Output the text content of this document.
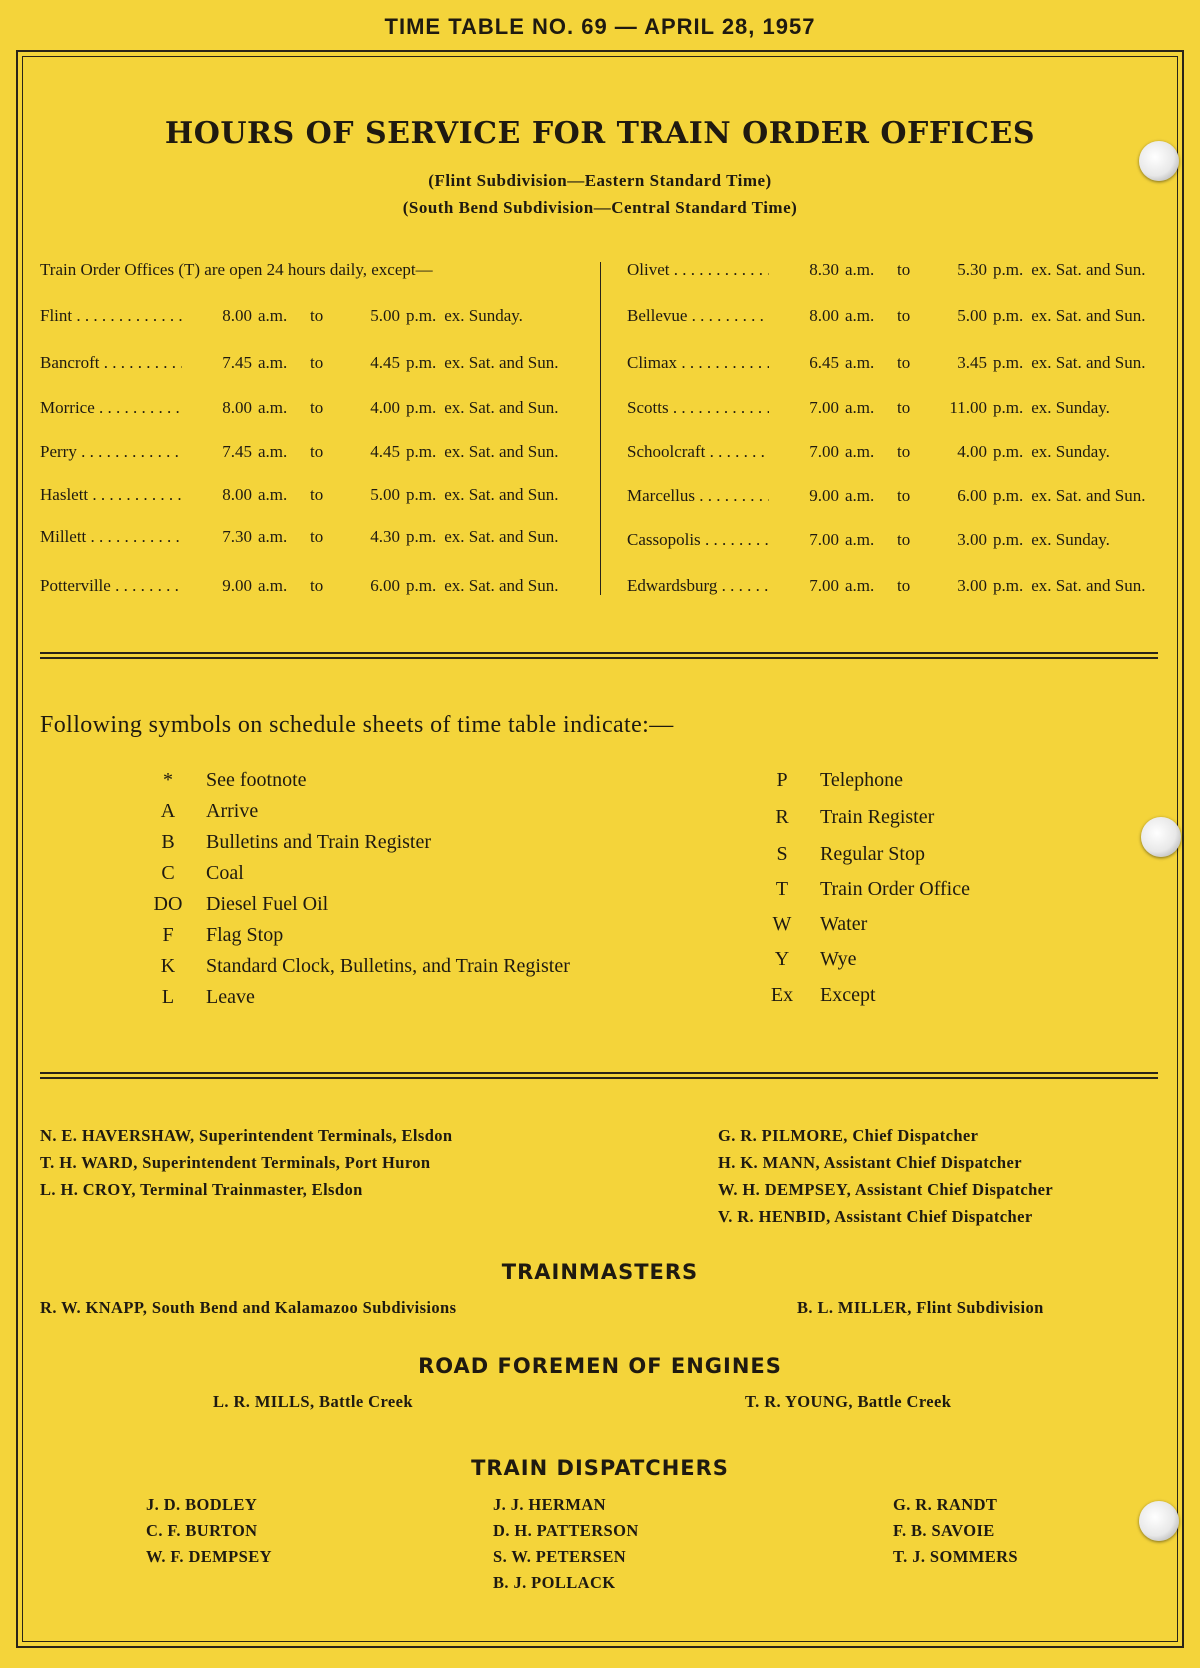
TIME TABLE NO. 69 — APRIL 28, 1957
HOURS OF SERVICE FOR TRAIN ORDER OFFICES
(Flint Subdivision—Eastern Standard Time)
(South Bend Subdivision—Central Standard Time)
Train Order Offices (T) are open 24 hours daily, except—
Flint . . .	8.00 a.m.	to	5.00 p.m. ex. Sunday.
Bancroft . . .	7.45 a.m.	to	4.45 p.m. ex. Sat. and Sun.
Morrice . . .	8.00 a.m.	to	4.00 p.m. ex. Sat. and Sun.
Perry . . .	7.45 a.m.	to	4.45 p.m. ex. Sat. and Sun.
Haslett . . .	8.00 a.m.	to	5.00 p.m. ex. Sat. and Sun.
Millett . . .	7.30 a.m.	to	4.30 p.m. ex. Sat. and Sun.
Potterville . . .	9.00 a.m.	to	6.00 p.m. ex. Sat. and Sun.
Olivet . . .	8.30 a.m.	to	5.30 p.m. ex. Sat. and Sun.
Bellevue . . .	8.00 a.m.	to	5.00 p.m. ex. Sat. and Sun.
Climax . . .	6.45 a.m.	to	3.45 p.m. ex. Sat. and Sun.
Scotts . . .	7.00 a.m.	to	11.00 p.m. ex. Sunday.
Schoolcraft . . .	7.00 a.m.	to	4.00 p.m. ex. Sunday.
Marcellus . . .	9.00 a.m.	to	6.00 p.m. ex. Sat. and Sun.
Cassopolis . . .	7.00 a.m.	to	3.00 p.m. ex. Sunday.
Edwardsburg . . .	7.00 a.m.	to	3.00 p.m. ex. Sat. and Sun.
Following symbols on schedule sheets of time table indicate:—
*	See footnote
A	Arrive
B	Bulletins and Train Register
C	Coal
DO	Diesel Fuel Oil
F	Flag Stop
K	Standard Clock, Bulletins, and Train Register
L	Leave
P	Telephone
R	Train Register
S	Regular Stop
T	Train Order Office
W	Water
Y	Wye
Ex	Except
N. E. HAVERSHAW, Superintendent Terminals, Elsdon
T. H. WARD, Superintendent Terminals, Port Huron
L. H. CROY, Terminal Trainmaster, Elsdon
G. R. PILMORE, Chief Dispatcher
H. K. MANN, Assistant Chief Dispatcher
W. H. DEMPSEY, Assistant Chief Dispatcher
V. R. HENBID, Assistant Chief Dispatcher
TRAINMASTERS
R. W. KNAPP, South Bend and Kalamazoo Subdivisions	B. L. MILLER, Flint Subdivision
ROAD FOREMEN OF ENGINES
L. R. MILLS, Battle Creek	T. R. YOUNG, Battle Creek
TRAIN DISPATCHERS
J. D. BODLEY
C. F. BURTON
W. F. DEMPSEY
J. J. HERMAN
D. H. PATTERSON
S. W. PETERSEN
B. J. POLLACK
G. R. RANDT
F. B. SAVOIE
T. J. SOMMERS
